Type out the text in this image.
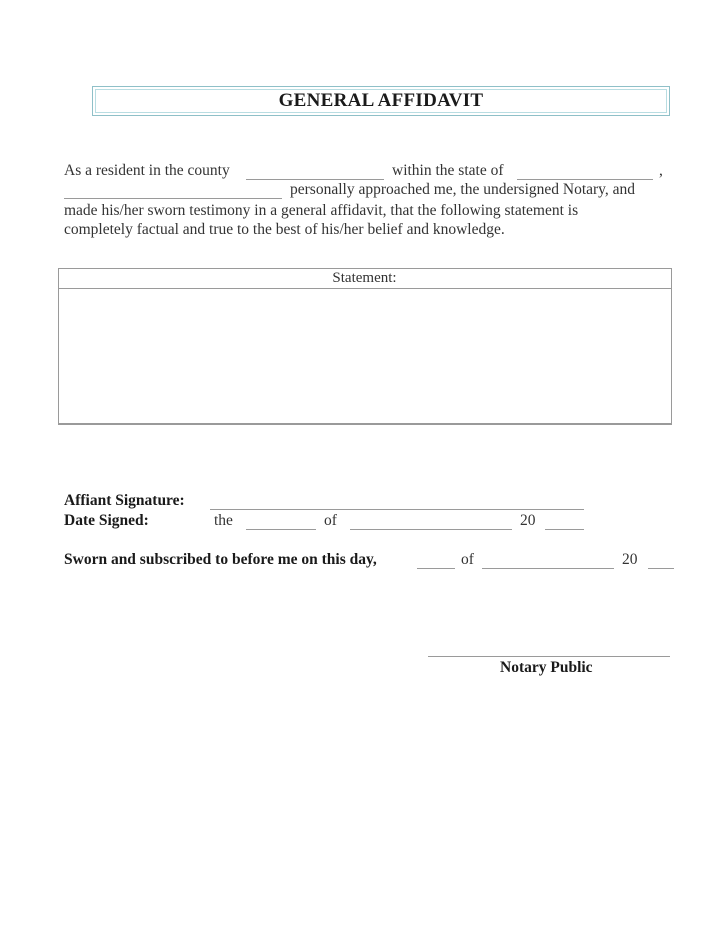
GENERAL AFFIDAVIT
As a resident in the county	within the state of	,
personally approached me, the undersigned Notary, and
made his/her sworn testimony in a general affidavit, that the following statement is
completely factual and true to the best of his/her belief and knowledge.
Statement:
Affiant Signature:
Date Signed:	the	of	20
Sworn and subscribed to before me on this day,	of	20
Notary Public
